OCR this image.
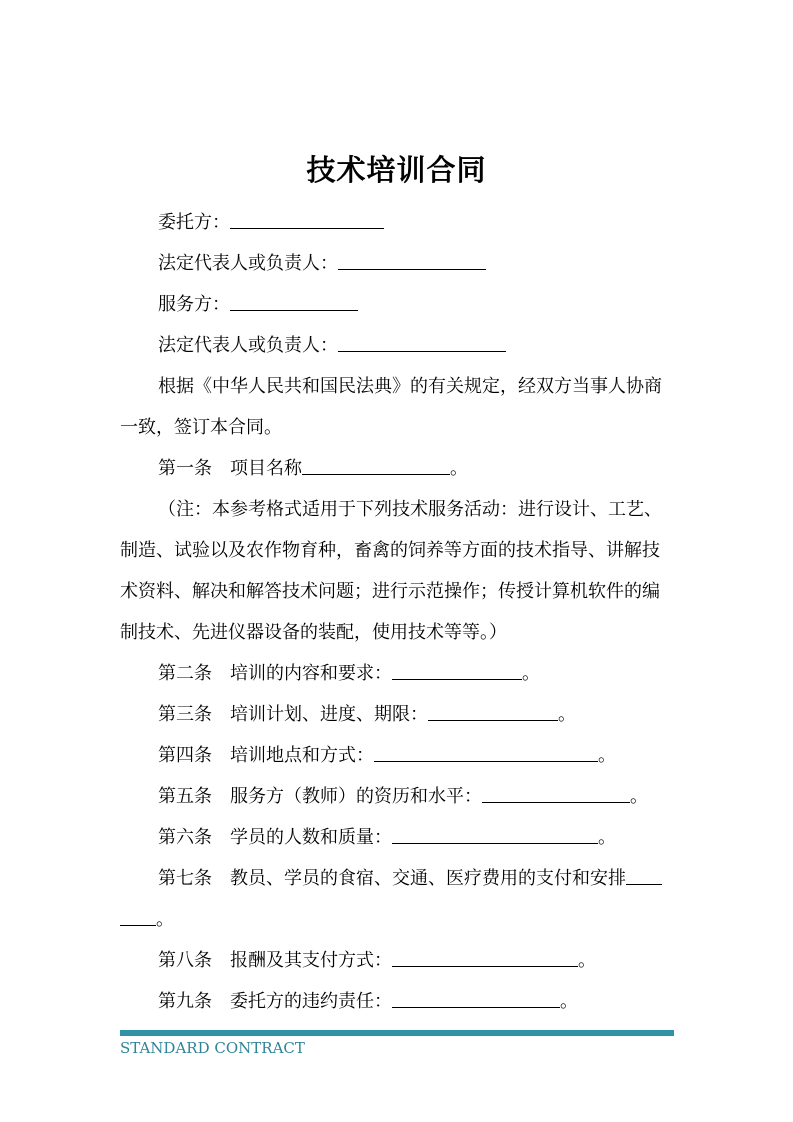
技术培训合同

委托方：

法定代表人或负责人：

服务方：

法定代表人或负责人：

根据《中华人民共和国民法典》的有关规定，经双方当事人协商一致，签订本合同。

第一条 项目名称	。

（注：本参考格式适用于下列技术服务活动：进行设计、工艺、制造、试验以及农作物育种，畜禽的饲养等方面的技术指导、讲解技术资料、解决和解答技术问题；进行示范操作；传授计算机软件的编制技术、先进仪器设备的装配，使用技术等等。）

第二条 培训的内容和要求：	。

第三条 培训计划、进度、期限：	。

第四条 培训地点和方式：	。

第五条 服务方（教师）的资历和水平：	。

第六条 学员的人数和质量：	。

第七条 教员、学员的食宿、交通、医疗费用的支付和安排。

第八条 报酬及其支付方式：	。

第九条 委托方的违约责任：	。

STANDARD CONTRACT
